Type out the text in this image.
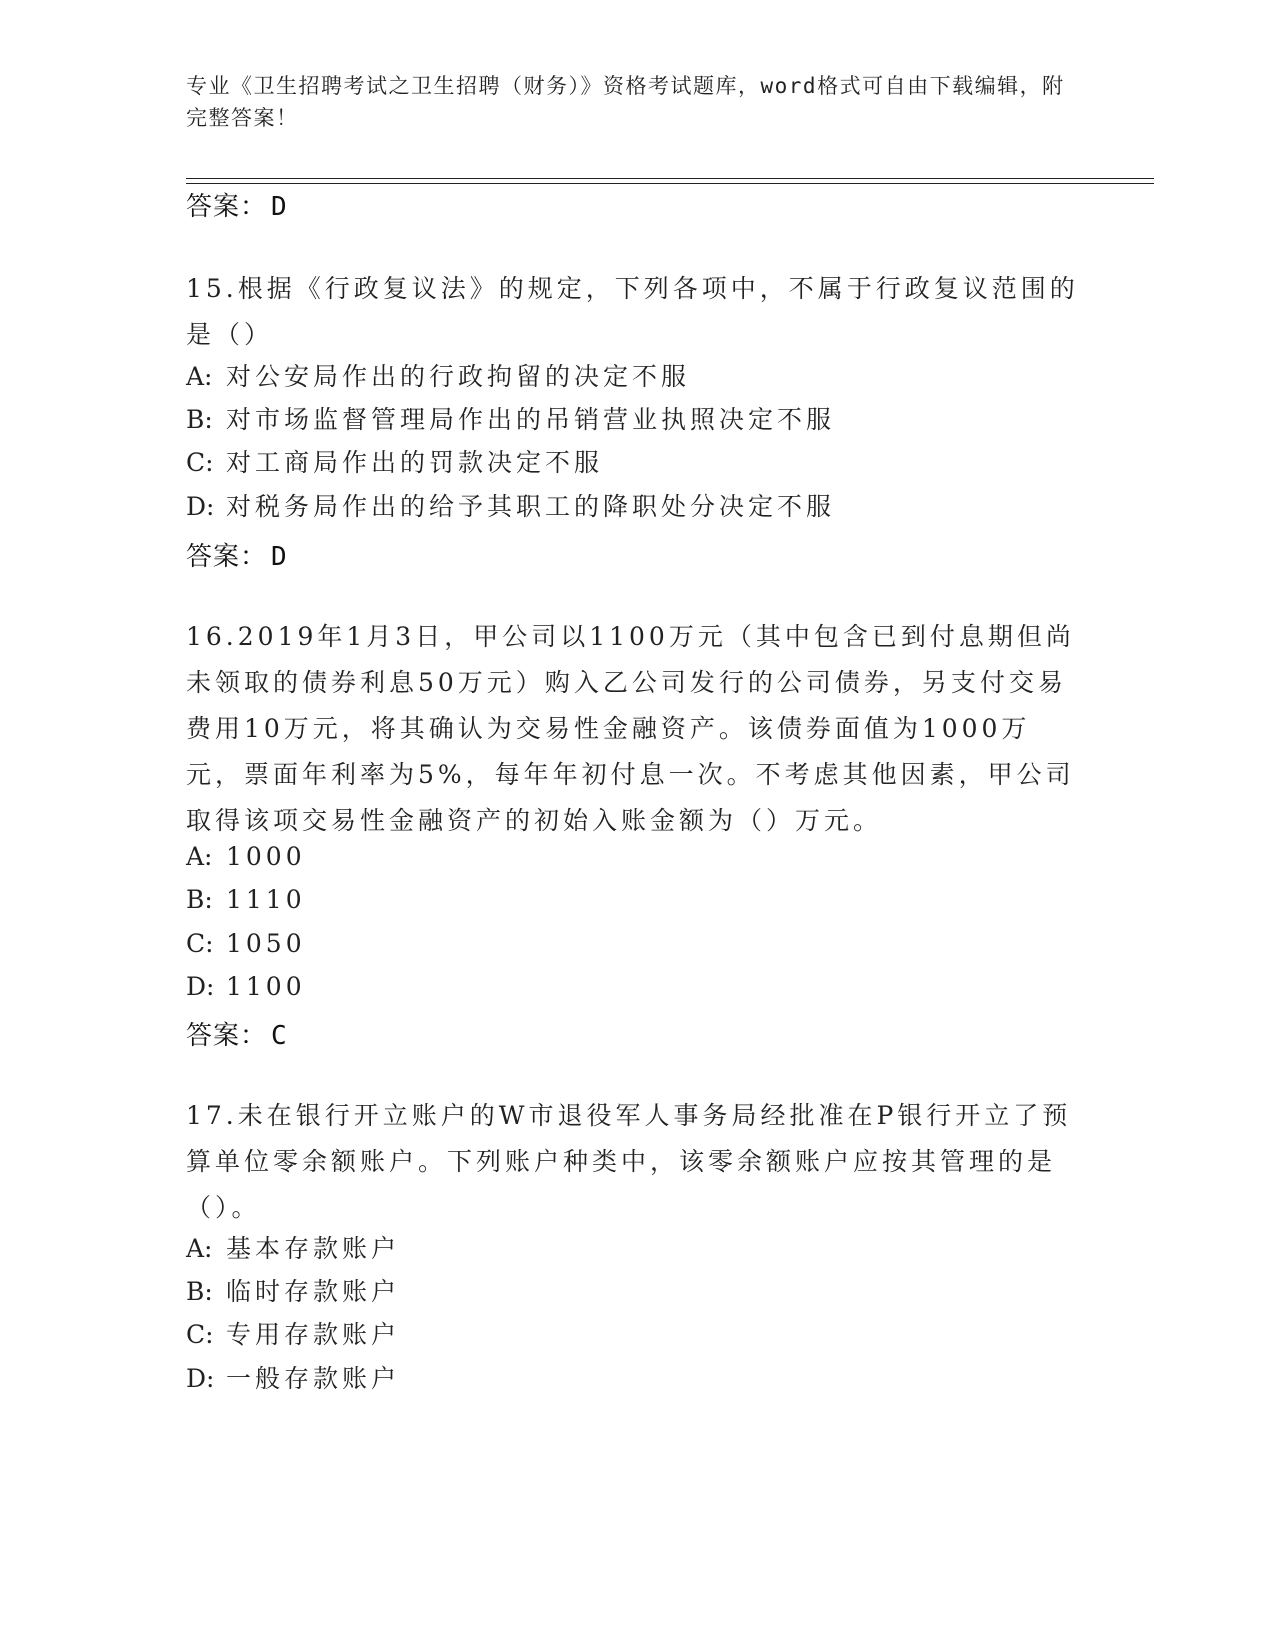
专业《卫生招聘考试之卫生招聘（财务）》资格考试题库，word格式可自由下载编辑，附完整答案！
答案： D

15.根据《行政复议法》的规定，下列各项中，不属于行政复议范围的是（）

A: 对公安局作出的行政拘留的决定不服
B: 对市场监督管理局作出的吊销营业执照决定不服
C: 对工商局作出的罚款决定不服
D: 对税务局作出的给予其职工的降职处分决定不服
答案： D

16.2019年1月3日，甲公司以1100万元（其中包含已到付息期但尚未领取的债券利息50万元）购入乙公司发行的公司债券，另支付交易费用10万元，将其确认为交易性金融资产。该债券面值为1000万元，票面年利率为5%，每年年初付息一次。不考虑其他因素，甲公司取得该项交易性金融资产的初始入账金额为（）万元。

A: 1000
B: 1110
C: 1050
D: 1100
答案： C

17.未在银行开立账户的W市退役军人事务局经批准在P银行开立了预算单位零余额账户。下列账户种类中，该零余额账户应按其管理的是（）。

A: 基本存款账户
B: 临时存款账户
C: 专用存款账户
D: 一般存款账户
